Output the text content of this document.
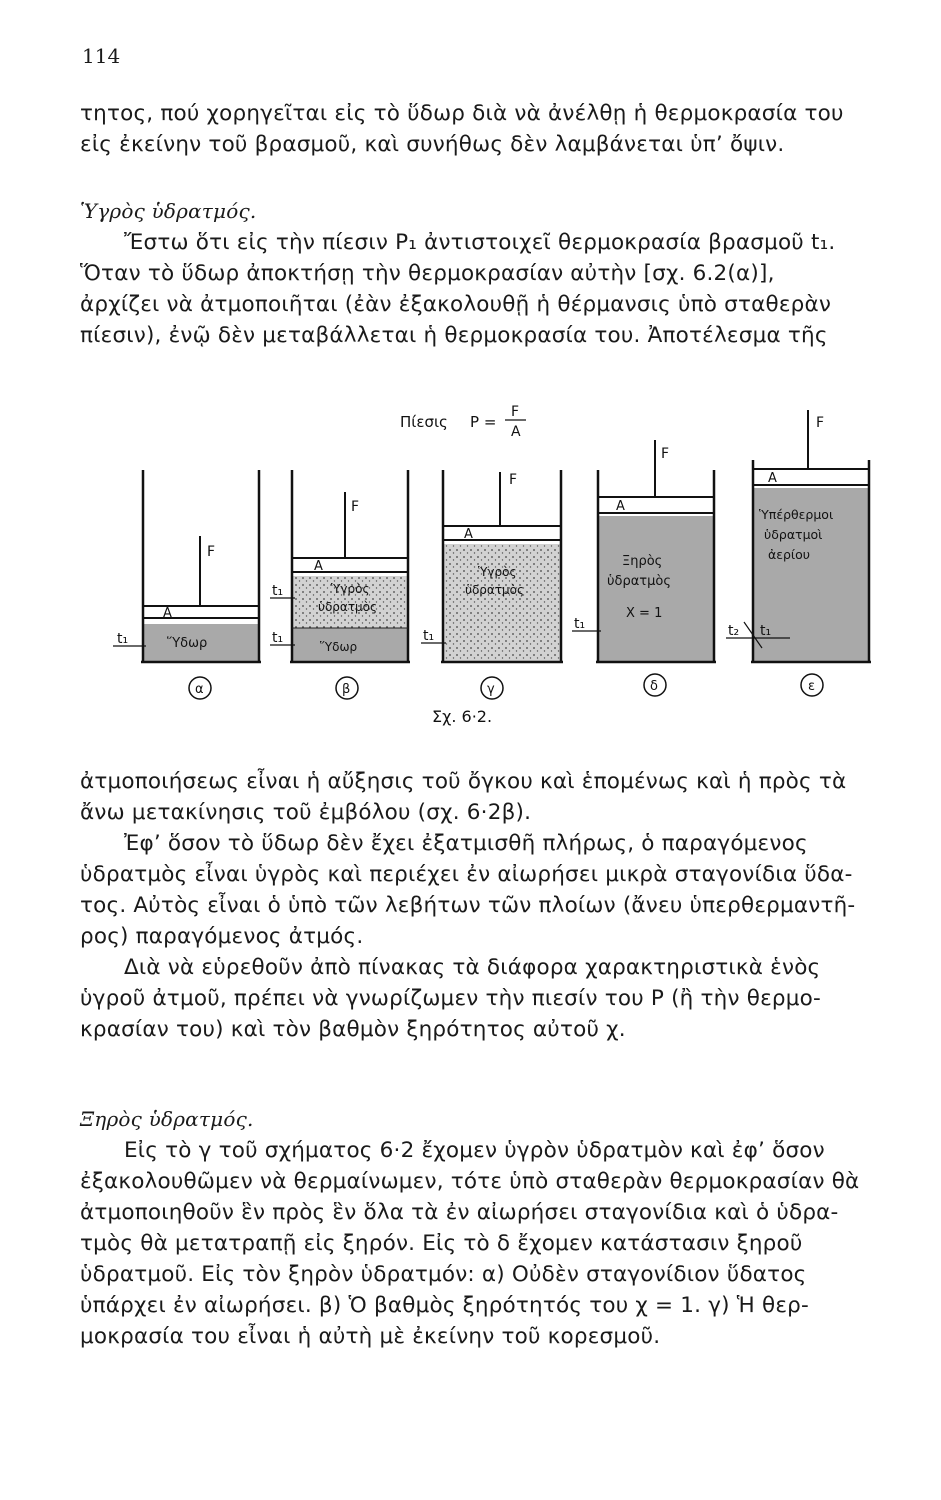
114

τητος, πού χορηγεῖται εἰς τὸ ὕδωρ διὰ νὰ ἀνέλθῃ ἡ θερμοκρασία του

εἰς ἐκείνην τοῦ βρασμοῦ, καὶ συνήθως δὲν λαμβάνεται ὑπ’ ὄψιν.

Ὑγρὸς ὑδρατμός.

Ἔστω ὅτι εἰς τὴν πίεσιν P₁ ἀντιστοιχεῖ θερμοκρασία βρασμοῦ t₁.

Ὅταν τὸ ὕδωρ ἀποκτήσῃ τὴν θερμοκρασίαν αὐτὴν [σχ. 6.2(α)],

ἀρχίζει νὰ ἀτμοποιῆται (ἐὰν ἐξακολουθῇ ἡ θέρμανσις ὑπὸ σταθερὰν

πίεσιν), ἐνῷ δὲν μεταβάλλεται ἡ θερμοκρασία του. Ἀποτέλεσμα τῆς

Πίεσις P =
F
A
F
A
Ὕδωρ
t₁
α
F
A
Ὑγρὸς
ὑδρατμὸς
Ὕδωρ
t₁
t₁
β
F
A
Ὑγρὸς
ὑδρατμὸς
t₁
γ
F
A
Ξηρὸς
ὑδρατμὸς
X = 1
t₁
δ
F
A
Ὑπέρθερμοι
ὑδρατμοὶ
ἀερίου
t₂ t₁
ε
Σχ. 6·2.

ἀτμοποιήσεως εἶναι ἡ αὔξησις τοῦ ὄγκου καὶ ἑπομένως καὶ ἡ πρὸς τὰ

ἄνω μετακίνησις τοῦ ἐμβόλου (σχ. 6·2β).

Ἐφ’ ὅσον τὸ ὕδωρ δὲν ἔχει ἐξατμισθῆ πλήρως, ὁ παραγόμενος

ὑδρατμὸς εἶναι ὑγρὸς καὶ περιέχει ἐν αἰωρήσει μικρὰ σταγονίδια ὕδα-

τος. Αὐτὸς εἶναι ὁ ὑπὸ τῶν λεβήτων τῶν πλοίων (ἄνευ ὑπερθερμαντῆ-

ρος) παραγόμενος ἀτμός.

Διὰ νὰ εὑρεθοῦν ἀπὸ πίνακας τὰ διάφορα χαρακτηριστικὰ ἑνὸς

ὑγροῦ ἀτμοῦ, πρέπει νὰ γνωρίζωμεν τὴν πιεσίν του P (ἢ τὴν θερμο-

κρασίαν του) καὶ τὸν βαθμὸν ξηρότητος αὐτοῦ χ.

Ξηρὸς ὑδρατμός.

Εἰς τὸ γ τοῦ σχήματος 6·2 ἔχομεν ὑγρὸν ὑδρατμὸν καὶ ἐφ’ ὅσον

ἐξακολουθῶμεν νὰ θερμαίνωμεν, τότε ὑπὸ σταθερὰν θερμοκρασίαν θὰ

ἀτμοποιηθοῦν ἓν πρὸς ἓν ὅλα τὰ ἐν αἰωρήσει σταγονίδια καὶ ὁ ὑδρα-

τμὸς θὰ μετατραπῇ εἰς ξηρόν. Εἰς τὸ δ ἔχομεν κατάστασιν ξηροῦ

ὑδρατμοῦ. Εἰς τὸν ξηρὸν ὑδρατμόν: α) Οὐδὲν σταγονίδιον ὕδατος

ὑπάρχει ἐν αἰωρήσει. β) Ὁ βαθμὸς ξηρότητός του χ = 1. γ) Ἡ θερ-

μοκρασία του εἶναι ἡ αὐτὴ μὲ ἐκείνην τοῦ κορεσμοῦ.
